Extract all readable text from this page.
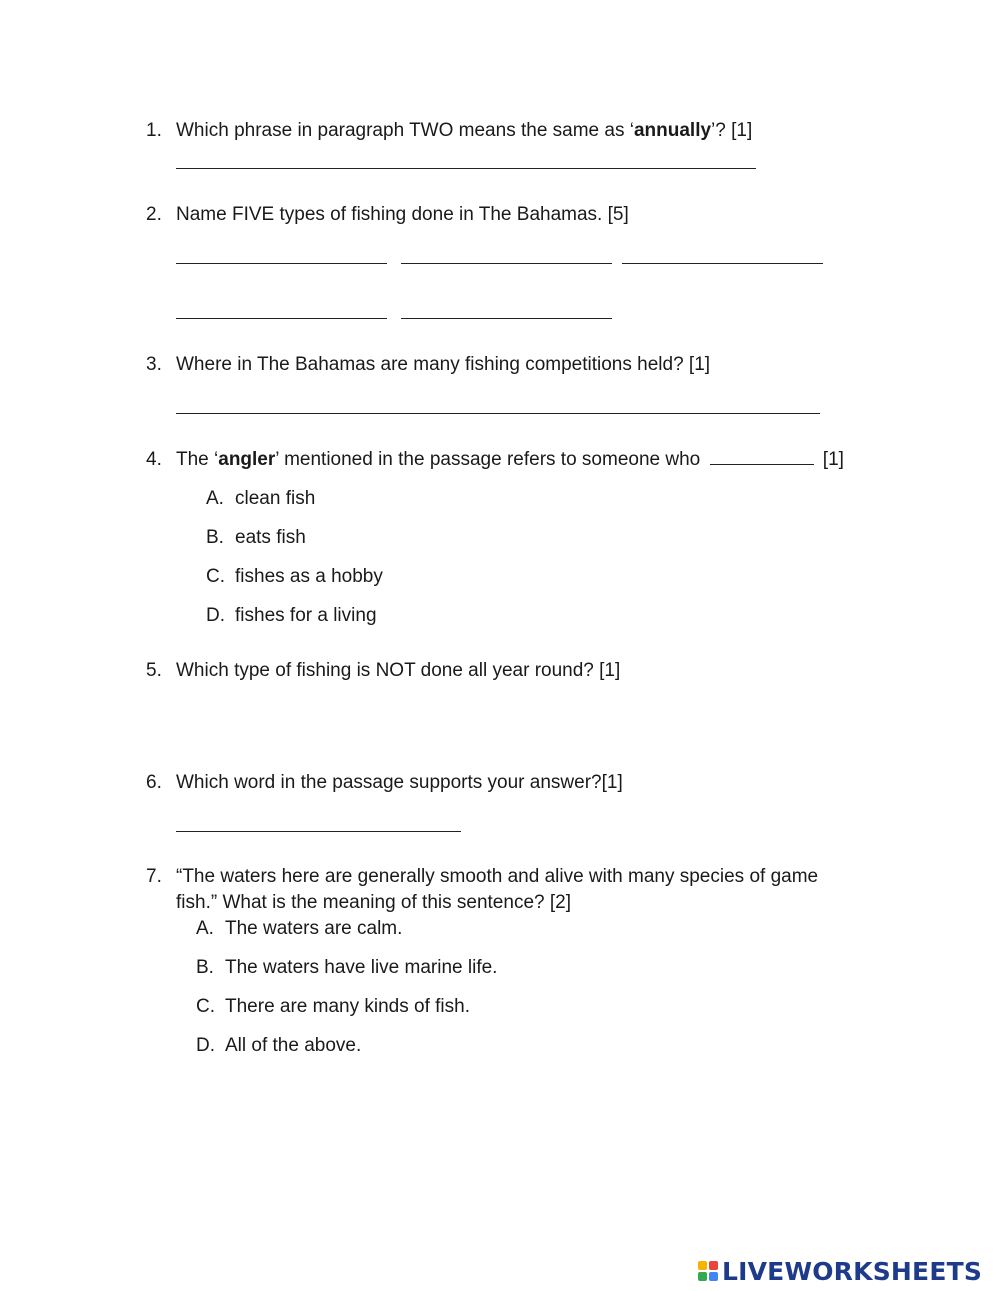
1. Which phrase in paragraph TWO means the same as ‘annually’? [1]
2. Name FIVE types of fishing done in The Bahamas. [5]
3. Where in The Bahamas are many fishing competitions held? [1]
4. The ‘angler’ mentioned in the passage refers to someone who	[1]
A. clean fish
B. eats fish
C. fishes as a hobby
D. fishes for a living
5. Which type of fishing is NOT done all year round? [1]
6. Which word in the passage supports your answer?[1]
7. “The waters here are generally smooth and alive with many species of game
fish.” What is the meaning of this sentence? [2]
A. The waters are calm.
B. The waters have live marine life.
C. There are many kinds of fish.
D. All of the above.
LIVEWORKSHEETS
